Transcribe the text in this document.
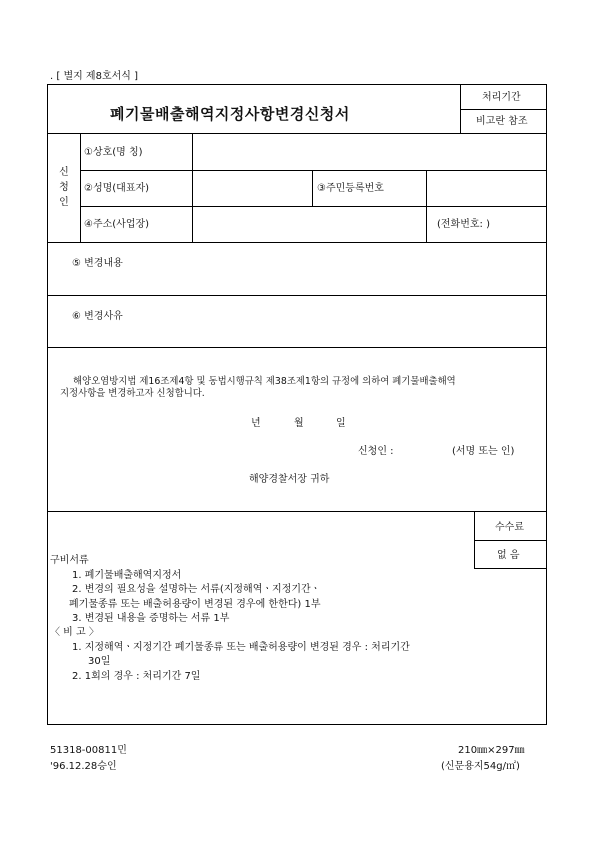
. [ 별지 제8호서식 ]
폐기물배출해역지정사항변경신청서
처리기간
비고란 참조
신 청 인
①상호(명 칭)
②성명(대표자)	③주민등록번호
④주소(사업장)	(전화번호: )
⑤ 변경내용
⑥ 변경사유
해양오염방지법 제16조제4항 및 동법시행규칙 제38조제1항의 규정에 의하여 폐기물배출해역
지정사항을 변경하고자 신청합니다.
년	월	일
신청인 :	(서명 또는 인)
해양경찰서장 귀하
수수료
없 음
구비서류
1. 폐기물배출해역지정서
2. 변경의 필요성을 설명하는 서류(지정해역ㆍ지정기간ㆍ
폐기물종류 또는 배출허용량이 변경된 경우에 한한다) 1부
3. 변경된 내용을 증명하는 서류 1부
〈 비 고 〉
1. 지정해역ㆍ지정기간 폐기물종류 또는 배출허용량이 변경된 경우 : 처리기간
30일
2. 1회의 경우 : 처리기간 7일
51318-00811민
'96.12.28승인
210㎜×297㎜
(신문용지54g/㎡)
